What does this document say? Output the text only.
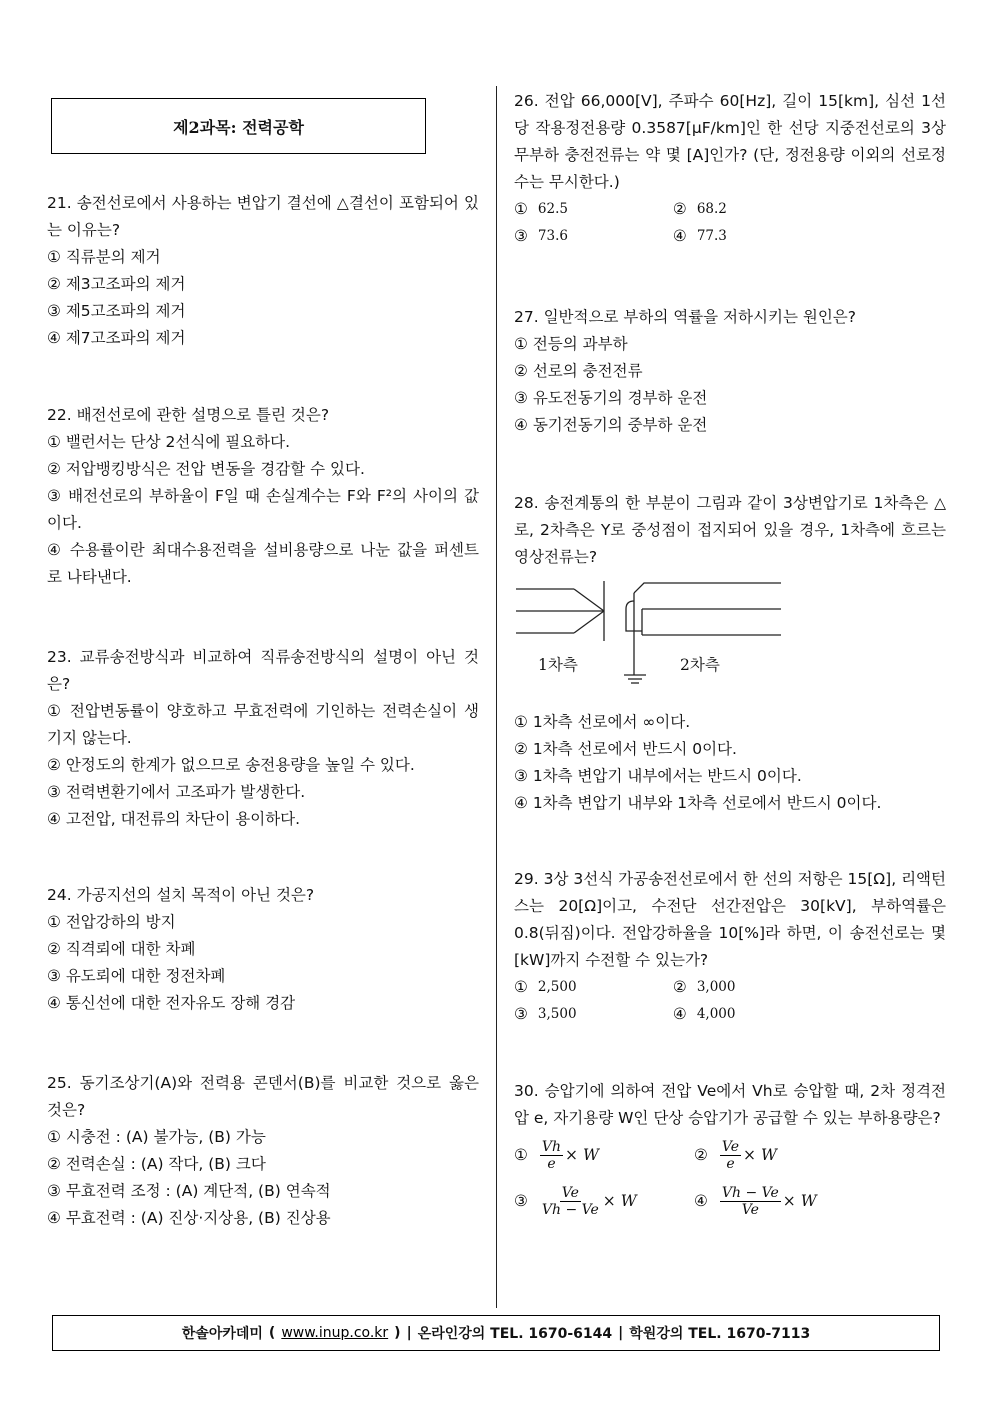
제2과목: 전력공학
21. 송전선로에서 사용하는 변압기 결선에 △결선이 포함되어 있는 이유는?
① 직류분의 제거
② 제3고조파의 제거
③ 제5고조파의 제거
④ 제7고조파의 제거
22. 배전선로에 관한 설명으로 틀린 것은?
① 밸런서는 단상 2선식에 필요하다.
② 저압뱅킹방식은 전압 변동을 경감할 수 있다.
③ 배전선로의 부하율이 F일 때 손실계수는 F와 F²의 사이의 값이다.
④ 수용률이란 최대수용전력을 설비용량으로 나눈 값을 퍼센트로 나타낸다.
23. 교류송전방식과 비교하여 직류송전방식의 설명이 아닌 것은?
① 전압변동률이 양호하고 무효전력에 기인하는 전력손실이 생기지 않는다.
② 안정도의 한계가 없으므로 송전용량을 높일 수 있다.
③ 전력변환기에서 고조파가 발생한다.
④ 고전압, 대전류의 차단이 용이하다.
24. 가공지선의 설치 목적이 아닌 것은?
① 전압강하의 방지
② 직격뢰에 대한 차폐
③ 유도뢰에 대한 정전차폐
④ 통신선에 대한 전자유도 장해 경감
25. 동기조상기(A)와 전력용 콘덴서(B)를 비교한 것으로 옳은 것은?
① 시충전 : (A) 불가능, (B) 가능
② 전력손실 : (A) 작다, (B) 크다
③ 무효전력 조정 : (A) 계단적, (B) 연속적
④ 무효전력 : (A) 진상·지상용, (B) 진상용
26. 전압 66,000[V], 주파수 60[Hz], 길이 15[km], 심선 1선당 작용정전용량 0.3587[μF/km]인 한 선당 지중전선로의 3상 무부하 충전전류는 약 몇 [A]인가? (단, 정전용량 이외의 선로정수는 무시한다.)
① 62.5	② 68.2
③ 73.6	④ 77.3
27. 일반적으로 부하의 역률을 저하시키는 원인은?
① 전등의 과부하
② 선로의 충전전류
③ 유도전동기의 경부하 운전
④ 동기전동기의 중부하 운전
28. 송전계통의 한 부분이 그림과 같이 3상변압기로 1차측은 △로, 2차측은 Y로 중성점이 접지되어 있을 경우, 1차측에 흐르는 영상전류는?
1차측	2차측
① 1차측 선로에서 ∞이다.
② 1차측 선로에서 반드시 0이다.
③ 1차측 변압기 내부에서는 반드시 0이다.
④ 1차측 변압기 내부와 1차측 선로에서 반드시 0이다.
29. 3상 3선식 가공송전선로에서 한 선의 저항은 15[Ω], 리액턴스는 20[Ω]이고, 수전단 선간전압은 30[kV], 부하역률은 0.8(뒤짐)이다. 전압강하율을 10[%]라 하면, 이 송전선로는 몇 [kW]까지 수전할 수 있는가?
① 2,500	② 3,000
③ 3,500	④ 4,000
30. 승압기에 의하여 전압 Ve에서 Vh로 승압할 때, 2차 정격전압 e, 자기용량 W인 단상 승압기가 공급할 수 있는 부하용량은?
① $\frac{Vh}{e} \times W$	② $\frac{Ve}{e} \times W$
③ $\frac{Ve}{Vh - Ve} \times W$	④ $\frac{Vh - Ve}{Ve} \times W$
한솔아카데미 ( www.inup.co.kr ) | 온라인강의 TEL. 1670-6144 | 학원강의 TEL. 1670-7113
